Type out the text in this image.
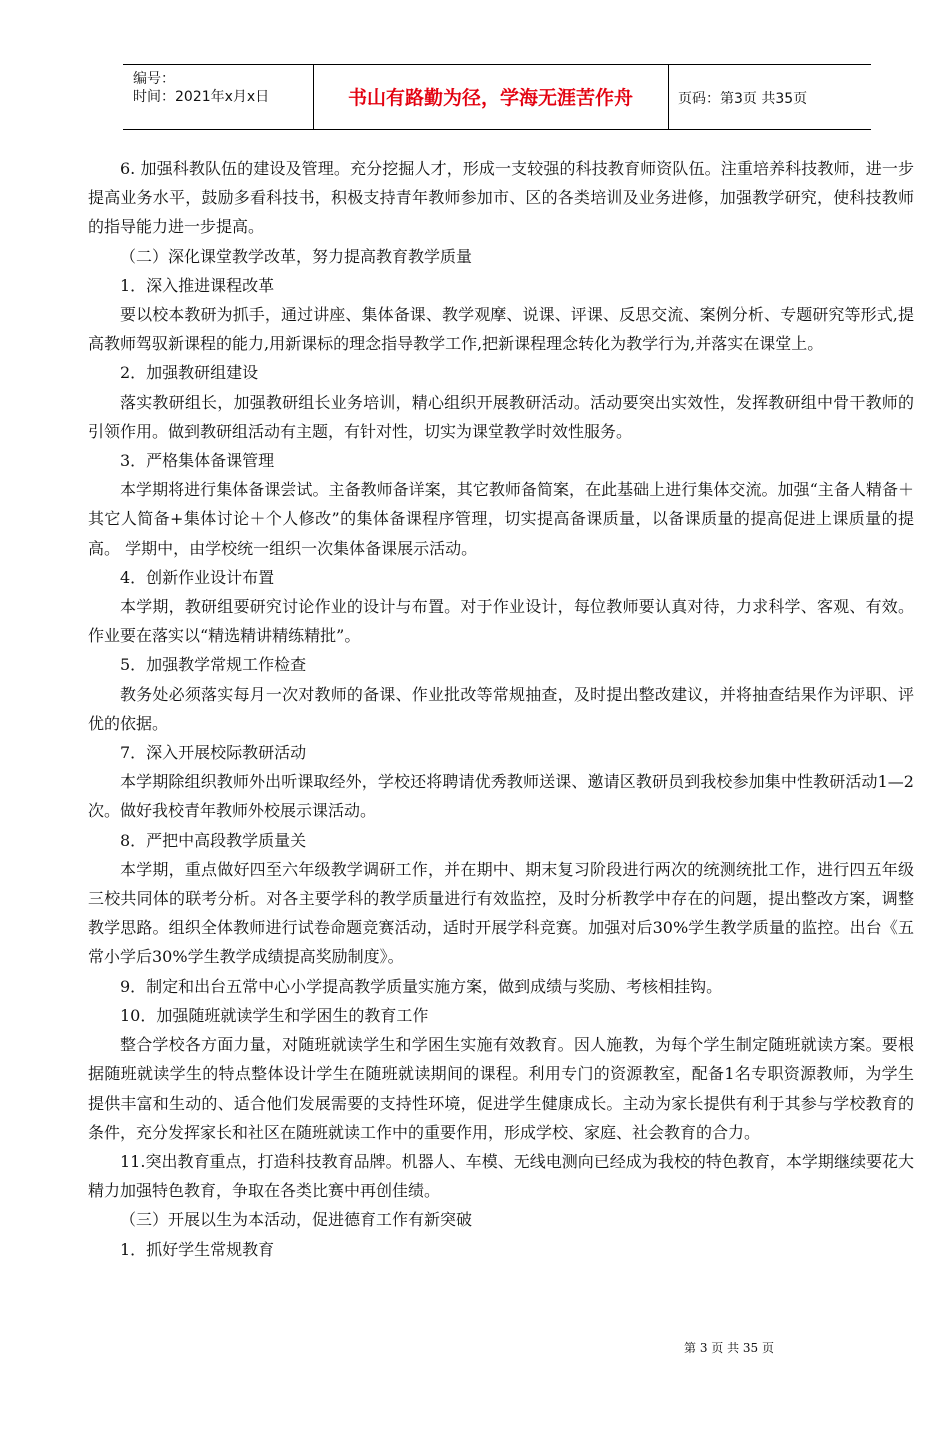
编号：
时间：2021年x月x日	书山有路勤为径，学海无涯苦作舟	页码：第3页 共35页

6. 加强科教队伍的建设及管理。充分挖掘人才，形成一支较强的科技教育师资队伍。注重培养科技教师，进一步提高业务水平，鼓励多看科技书，积极支持青年教师参加市、区的各类培训及业务进修，加强教学研究，使科技教师的指导能力进一步提高。

（二）深化课堂教学改革，努力提高教育教学质量

1．深入推进课程改革

要以校本教研为抓手，通过讲座、集体备课、教学观摩、说课、评课、反思交流、案例分析、专题研究等形式,提高教师驾驭新课程的能力,用新课标的理念指导教学工作,把新课程理念转化为教学行为,并落实在课堂上。

2．加强教研组建设

落实教研组长，加强教研组长业务培训，精心组织开展教研活动。活动要突出实效性，发挥教研组中骨干教师的引领作用。做到教研组活动有主题，有针对性，切实为课堂教学时效性服务。

3．严格集体备课管理

本学期将进行集体备课尝试。主备教师备详案，其它教师备简案，在此基础上进行集体交流。加强“主备人精备＋其它人简备+集体讨论＋个人修改”的集体备课程序管理，切实提高备课质量，以备课质量的提高促进上课质量的提高。 学期中，由学校统一组织一次集体备课展示活动。

4．创新作业设计布置

本学期，教研组要研究讨论作业的设计与布置。对于作业设计，每位教师要认真对待，力求科学、客观、有效。作业要在落实以“精选精讲精练精批”。

5．加强教学常规工作检查

教务处必须落实每月一次对教师的备课、作业批改等常规抽查，及时提出整改建议，并将抽查结果作为评职、评优的依据。

7．深入开展校际教研活动

本学期除组织教师外出听课取经外，学校还将聘请优秀教师送课、邀请区教研员到我校参加集中性教研活动1—2次。做好我校青年教师外校展示课活动。

8．严把中高段教学质量关

本学期，重点做好四至六年级教学调研工作，并在期中、期末复习阶段进行两次的统测统批工作，进行四五年级三校共同体的联考分析。对各主要学科的教学质量进行有效监控，及时分析教学中存在的问题，提出整改方案，调整教学思路。组织全体教师进行试卷命题竞赛活动，适时开展学科竞赛。加强对后30%学生教学质量的监控。出台《五常小学后30%学生教学成绩提高奖励制度》。

9．制定和出台五常中心小学提高教学质量实施方案，做到成绩与奖励、考核相挂钩。

10．加强随班就读学生和学困生的教育工作

整合学校各方面力量，对随班就读学生和学困生实施有效教育。因人施教，为每个学生制定随班就读方案。要根据随班就读学生的特点整体设计学生在随班就读期间的课程。利用专门的资源教室，配备1名专职资源教师，为学生提供丰富和生动的、适合他们发展需要的支持性环境，促进学生健康成长。主动为家长提供有利于其参与学校教育的条件，充分发挥家长和社区在随班就读工作中的重要作用，形成学校、家庭、社会教育的合力。

11.突出教育重点，打造科技教育品牌。机器人、车模、无线电测向已经成为我校的特色教育，本学期继续要花大精力加强特色教育，争取在各类比赛中再创佳绩。

（三）开展以生为本活动，促进德育工作有新突破

1．抓好学生常规教育

第 3 页 共 35 页
